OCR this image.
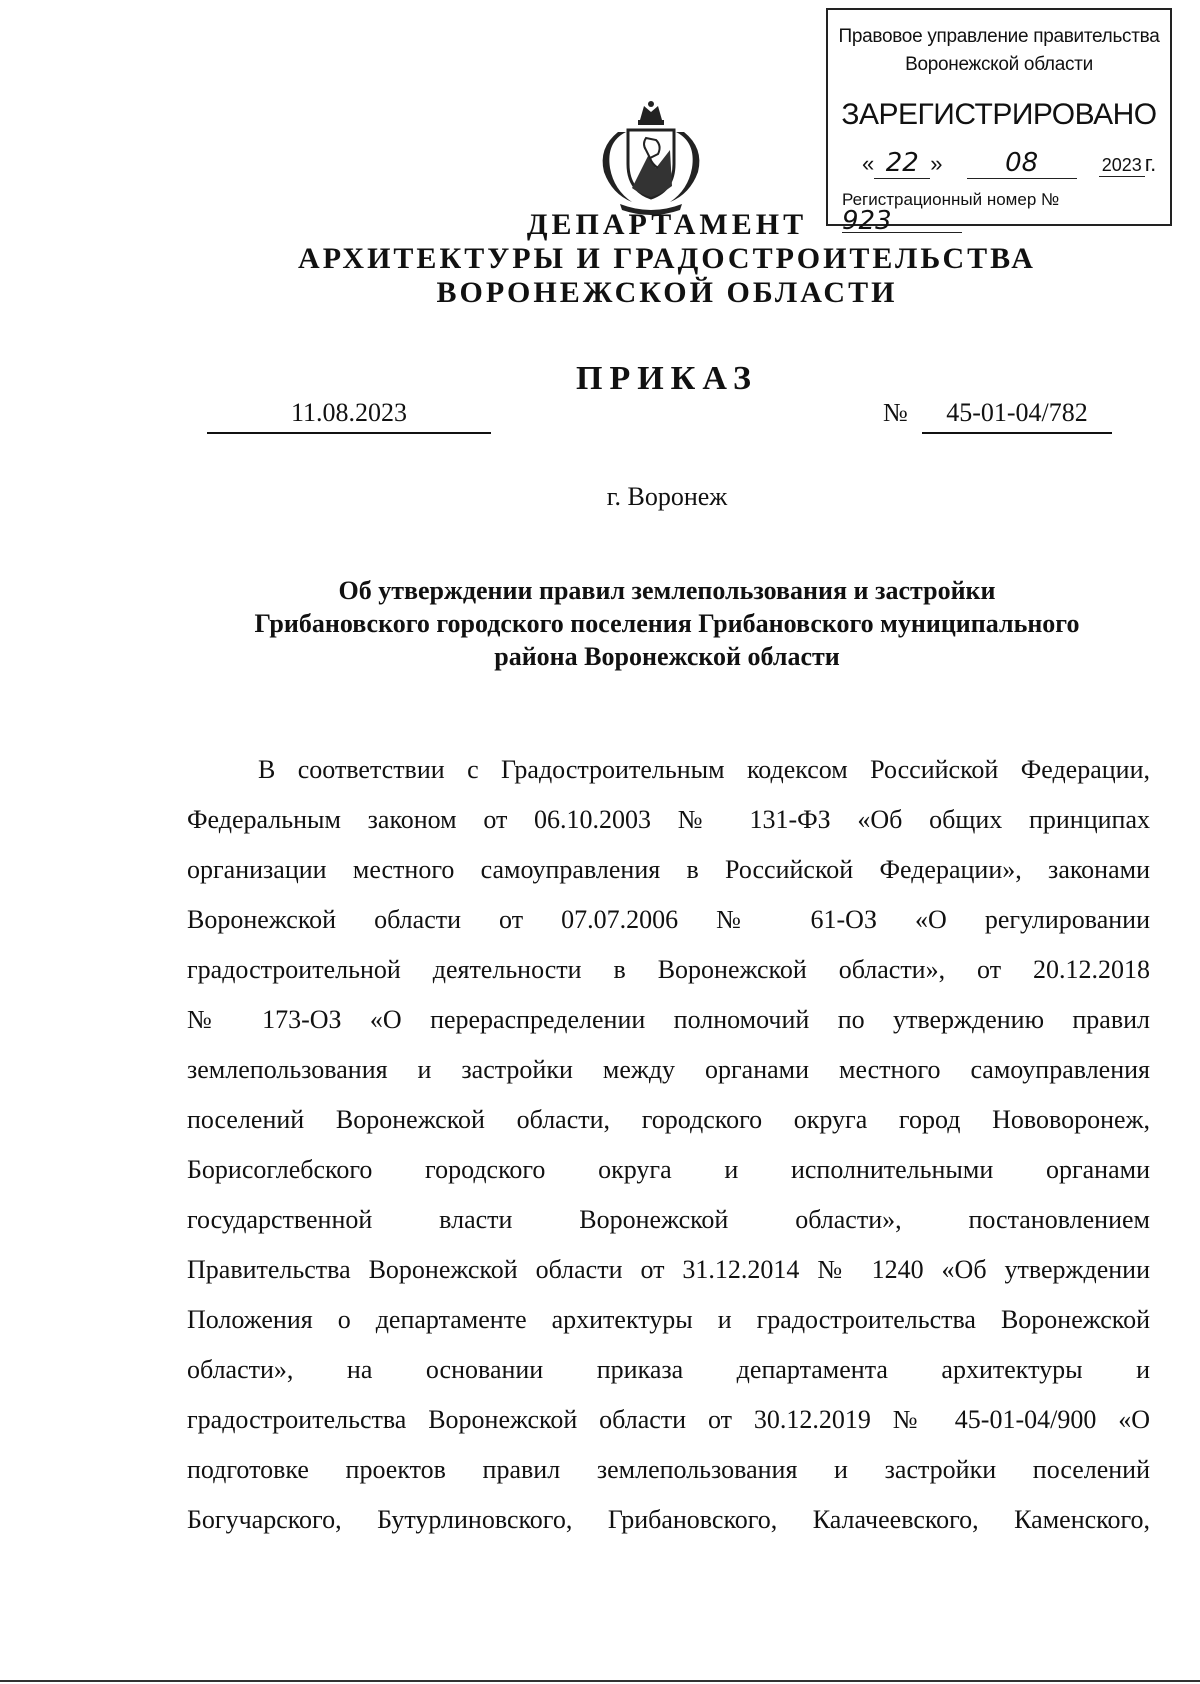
Правовое управление правительства
Воронежской области
ЗАРЕГИСТРИРОВАНО
« 22 » 08	2023 г.
Регистрационный номер № 923
ДЕПАРТАМЕНТ
АРХИТЕКТУРЫ И ГРАДОСТРОИТЕЛЬСТВА
ВОРОНЕЖСКОЙ ОБЛАСТИ
ПРИКАЗ
11.08.2023	№	45-01-04/782
г. Воронеж
Об утверждении правил землепользования и застройки
Грибановского городского поселения Грибановского муниципального
района Воронежской области
В соответствии с Градостроительным кодексом Российской Федерации,
Федеральным законом от 06.10.2003 № 131-ФЗ «Об общих принципах
организации местного самоуправления в Российской Федерации», законами
Воронежской области от 07.07.2006 № 61-ОЗ «О регулировании
градостроительной деятельности в Воронежской области», от 20.12.2018
№ 173-ОЗ «О перераспределении полномочий по утверждению правил
землепользования и застройки между органами местного самоуправления
поселений Воронежской области, городского округа город Нововоронеж,
Борисоглебского городского округа и исполнительными органами
государственной власти Воронежской области», постановлением
Правительства Воронежской области от 31.12.2014 № 1240 «Об утверждении
Положения о департаменте архитектуры и градостроительства Воронежской
области», на основании приказа департамента архитектуры и
градостроительства Воронежской области от 30.12.2019 № 45-01-04/900 «О
подготовке проектов правил землепользования и застройки поселений
Богучарского, Бутурлиновского, Грибановского, Калачеевского, Каменского,
